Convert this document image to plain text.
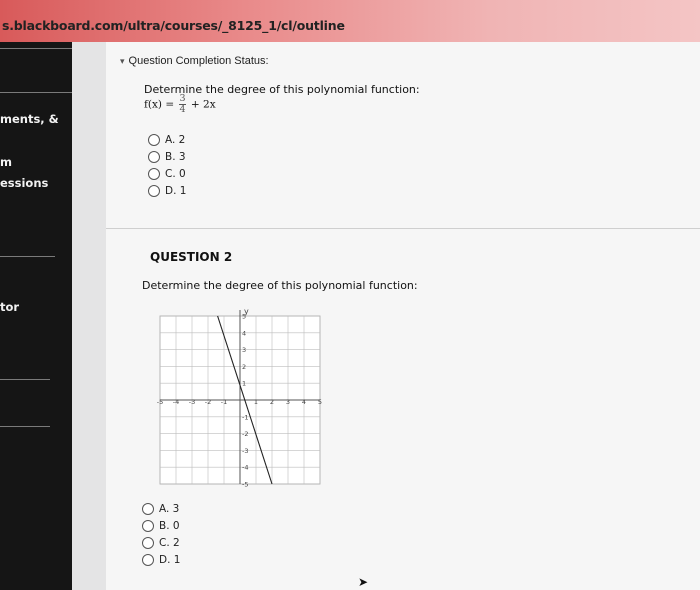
s.blackboard.com/ultra/courses/_8125_1/cl/outline
ments, &
m
essions
tor
▾ Question Completion Status:
Determine the degree of this polynomial function:
$f(x) = \frac{3}{4} + 2x$
A. 2
B. 3
C. 0
D. 1
QUESTION 2
Determine the degree of this polynomial function:
y
-5 -4 -3 -2 -1	1 2 3 4 5
5
4
3
2
1
-1
-2
-3
-4
-5
A. 3
B. 0
C. 2
D. 1
➤
